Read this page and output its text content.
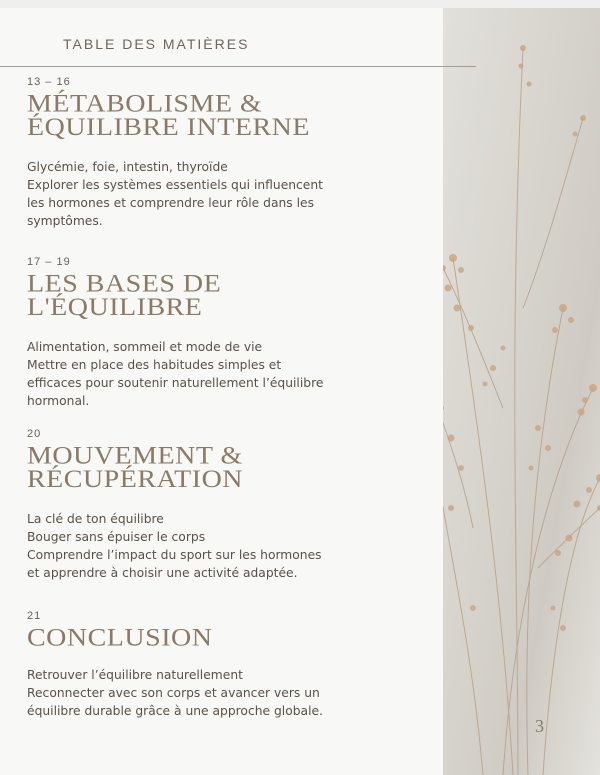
TABLE DES MATIÈRES

13 – 16

MÉTABOLISME &
ÉQUILIBRE INTERNE

Glycémie, foie, intestin, thyroïde
Explorer les systèmes essentiels qui influencent
les hormones et comprendre leur rôle dans les
symptômes.

17 – 19

LES BASES DE
L'ÉQUILIBRE

Alimentation, sommeil et mode de vie
Mettre en place des habitudes simples et
efficaces pour soutenir naturellement l’équilibre
hormonal.

20

MOUVEMENT &
RÉCUPÉRATION

La clé de ton équilibre
Bouger sans épuiser le corps
Comprendre l’impact du sport sur les hormones
et apprendre à choisir une activité adaptée.

21

CONCLUSION

Retrouver l’équilibre naturellement
Reconnecter avec son corps et avancer vers un
équilibre durable grâce à une approche globale.

3
